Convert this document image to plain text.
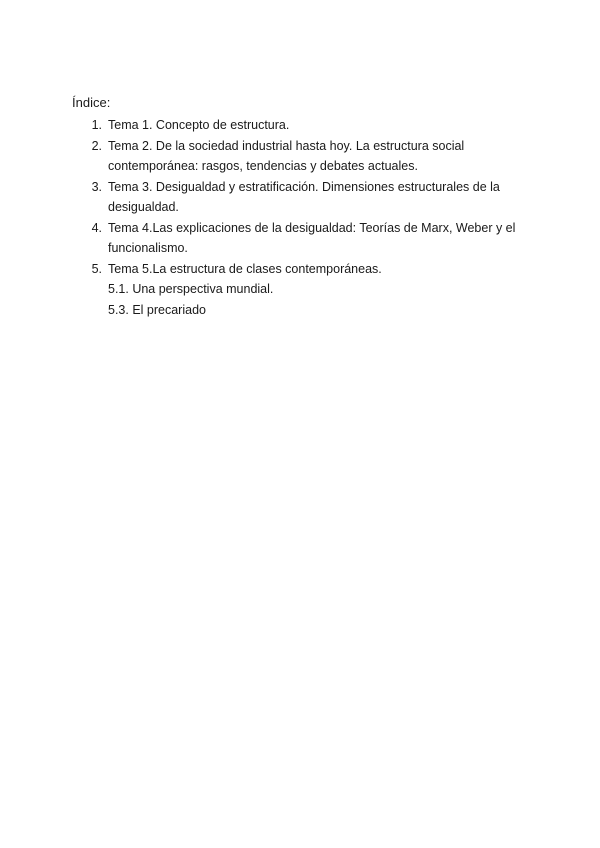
Índice:
1. Tema 1. Concepto de estructura.
2. Tema 2. De la sociedad industrial hasta hoy. La estructura social contemporánea: rasgos, tendencias y debates actuales.
3. Tema 3. Desigualdad y estratificación. Dimensiones estructurales de la desigualdad.
4. Tema 4.Las explicaciones de la desigualdad: Teorías de Marx, Weber y el funcionalismo.
5. Tema 5.La estructura de clases contemporáneas.
5.1. Una perspectiva mundial.
5.3. El precariado
